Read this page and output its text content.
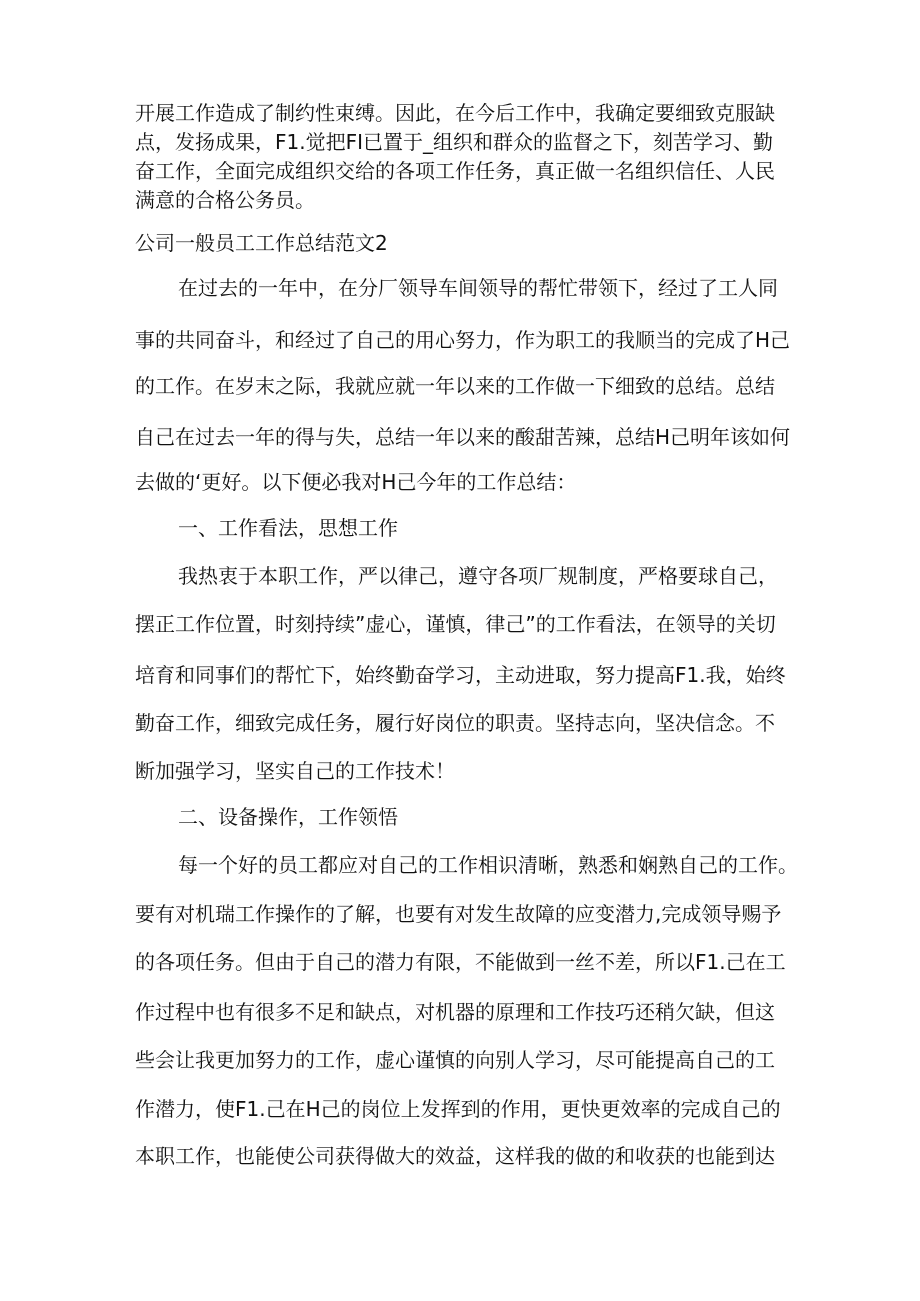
开展工作造成了制约性束缚。因此，在今后工作中，我确定要细致克服缺
点，发扬成果，F1.觉把FI已置于_组织和群众的监督之下，刻苦学习、勤
奋工作，全面完成组织交给的各项工作任务，真正做一名组织信任、人民
满意的合格公务员。
公司一般员工工作总结范文2
在过去的一年中，在分厂领导车间领导的帮忙带领下，经过了工人同
事的共同奋斗，和经过了自己的用心努力，作为职工的我顺当的完成了H己
的工作。在岁末之际，我就应就一年以来的工作做一下细致的总结。总结
自己在过去一年的得与失，总结一年以来的酸甜苦辣，总结H己明年该如何
去做的‘更好。以下便必我对H己今年的工作总结：
一、工作看法，思想工作
我热衷于本职工作，严以律己，遵守各项厂规制度，严格要球自己，
摆正工作位置，时刻持续”虚心，谨慎，律己”的工作看法，在领导的关切
培育和同事们的帮忙下，始终勤奋学习，主动进取，努力提高F1.我，始终
勤奋工作，细致完成任务，履行好岗位的职责。坚持志向，坚决信念。不
断加强学习，坚实自己的工作技术！
二、设备操作，工作领悟
每一个好的员工都应对自己的工作相识清晰，熟悉和娴熟自己的工作。
要有对机瑞工作操作的了解，也要有对发生故障的应变潜力,完成领导赐予
的各项任务。但由于自己的潜力有限，不能做到一丝不差，所以F1.己在工
作过程中也有很多不足和缺点，对机器的原理和工作技巧还稍欠缺，但这
些会让我更加努力的工作，虚心谨慎的向别人学习，尽可能提高自己的工
作潜力，使F1.己在H己的岗位上发挥到的作用，更快更效率的完成自己的
本职工作，也能使公司获得做大的效益，这样我的做的和收获的也能到达
